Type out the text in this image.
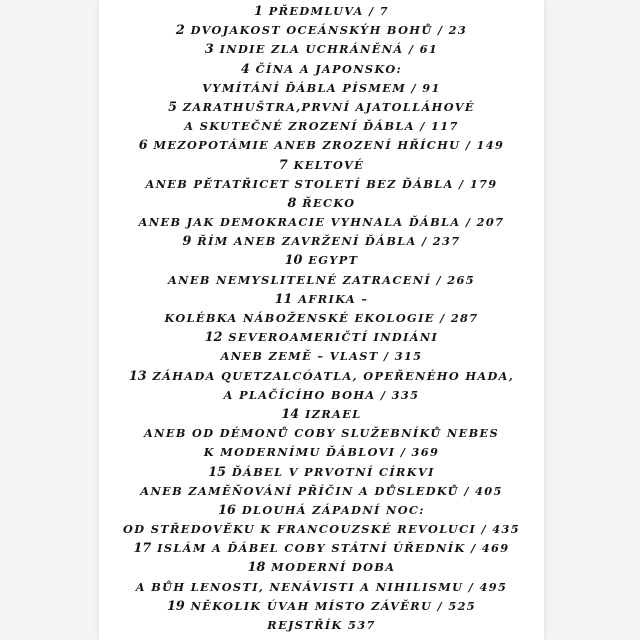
1 PŘEDMLUVA / 7
2 DVOJAKOST OCEÁNSKÝH BOHŮ / 23
3 INDIE ZLA UCHRÁNĚNÁ / 61
4 ČÍNA A JAPONSKO:
VYMÍTÁNÍ ĎÁBLA PÍSMEM / 91
5 ZARATHUŠTRA,PRVNÍ AJATOLLÁHOVÉ
A SKUTEČNÉ ZROZENÍ ĎÁBLA / 117
6 MEZOPOTÁMIE ANEB ZROZENÍ HŘÍCHU / 149
7 KELTOVÉ
ANEB PĚTATŘICET STOLETÍ BEZ ĎÁBLA / 179
8 ŘECKO
ANEB JAK DEMOKRACIE VYHNALA ĎÁBLA / 207
9 ŘÍM ANEB ZAVRŽENÍ ĎÁBLA / 237
10 EGYPT
ANEB NEMYSLITELNÉ ZATRACENÍ / 265
11 AFRIKA –
KOLÉBKA NÁBOŽENSKÉ EKOLOGIE / 287
12 SEVEROAMERIČTÍ INDIÁNI
ANEB ZEMĚ – VLAST / 315
13 ZÁHADA QUETZALCÓATLA, OPEŘENÉHO HADA,
A PLAČÍCÍHO BOHA / 335
14 IZRAEL
ANEB OD DÉMONŮ COBY SLUŽEBNÍKŮ NEBES
K MODERNÍMU ĎÁBLOVI / 369
15 ĎÁBEL V PRVOTNÍ CÍRKVI
ANEB ZAMĚŇOVÁNÍ PŘÍČIN A DŮSLEDKŮ / 405
16 DLOUHÁ ZÁPADNÍ NOC:
OD STŘEDOVĚKU K FRANCOUZSKÉ REVOLUCI / 435
17 ISLÁM A ĎÁBEL COBY STÁTNÍ ÚŘEDNÍK / 469
18 MODERNÍ DOBA
A BŮH LENOSTI, NENÁVISTI A NIHILISMU / 495
19 NĚKOLIK ÚVAH MÍSTO ZÁVĚRU / 525
REJSTŘÍK 537
